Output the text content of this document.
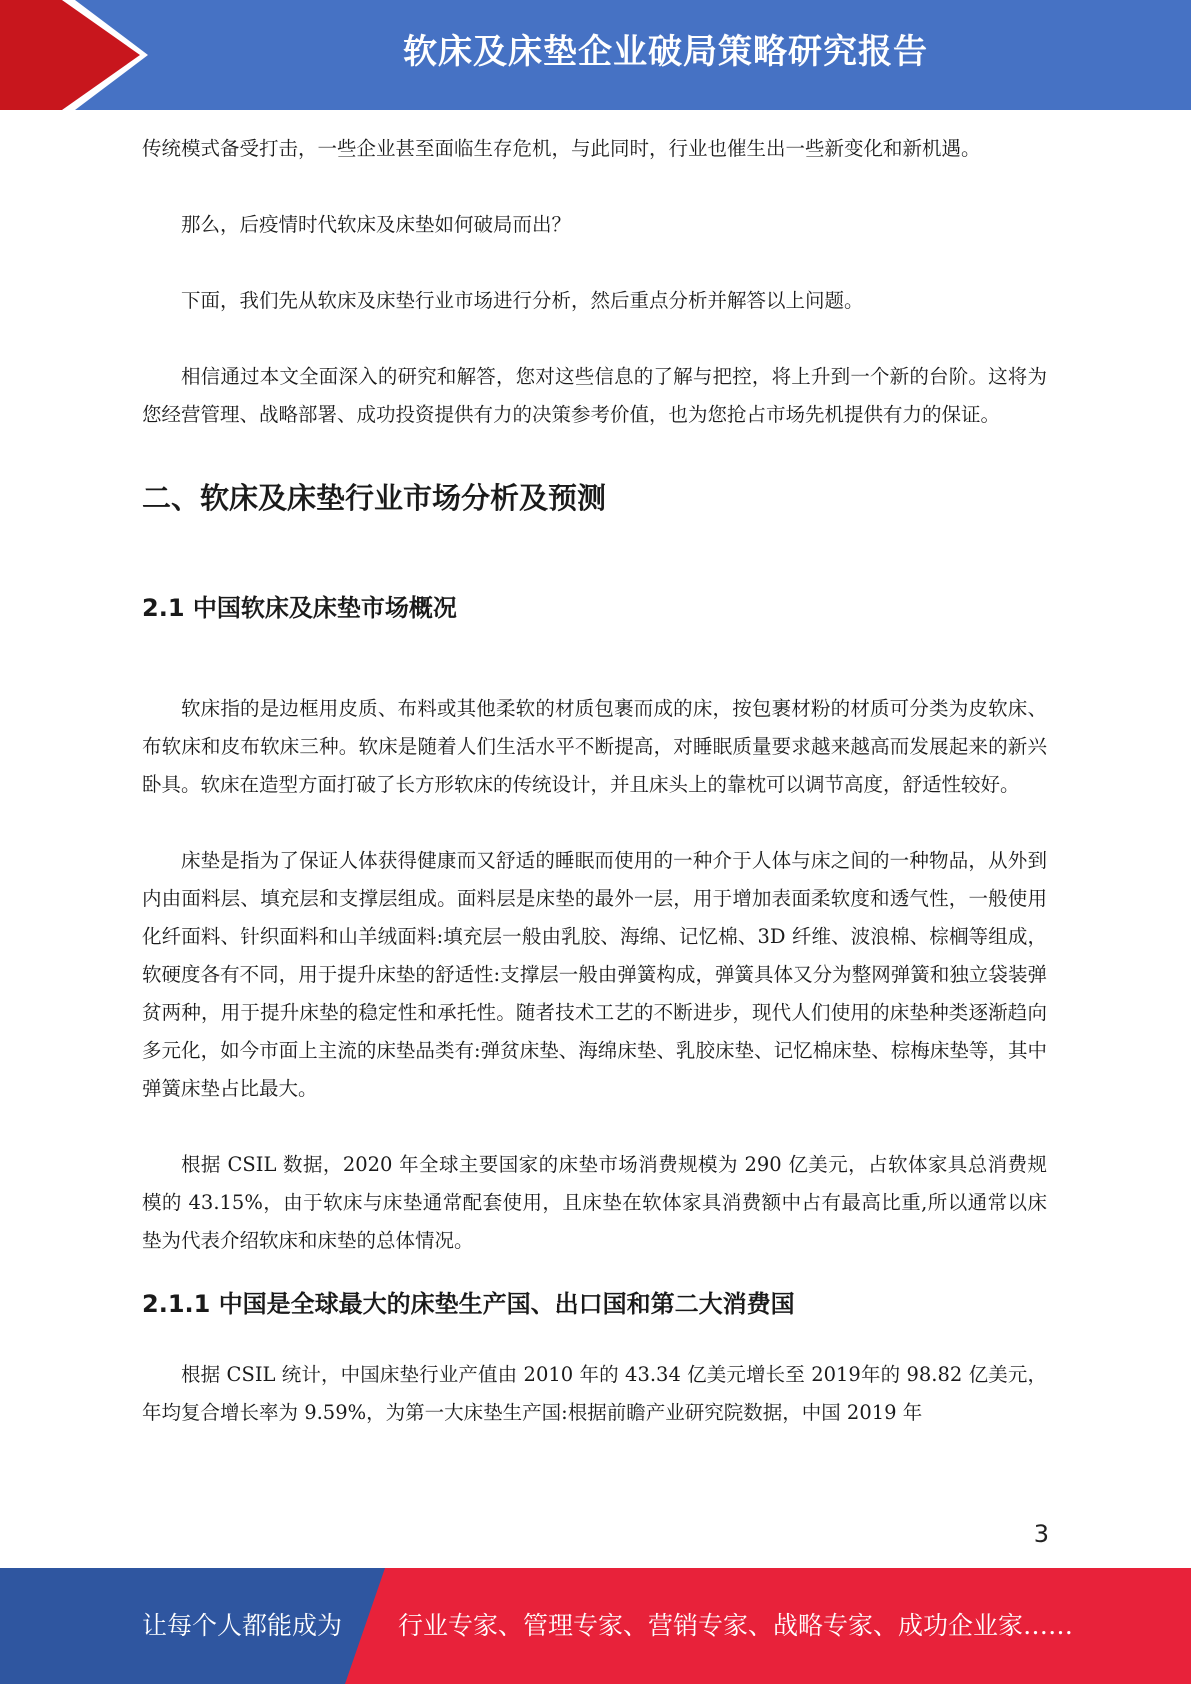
软床及床垫企业破局策略研究报告

传统模式备受打击，一些企业甚至面临生存危机，与此同时，行业也催生出一些新变化和新机遇。

那么，后疫情时代软床及床垫如何破局而出？

下面，我们先从软床及床垫行业市场进行分析，然后重点分析并解答以上问题。

相信通过本文全面深入的研究和解答，您对这些信息的了解与把控，将上升到一个新的台阶。这将为您经营管理、战略部署、成功投资提供有力的决策参考价值，也为您抢占市场先机提供有力的保证。

二、软床及床垫行业市场分析及预测
2.1 中国软床及床垫市场概况

软床指的是边框用皮质、布料或其他柔软的材质包裹而成的床，按包裹材粉的材质可分类为皮软床、布软床和皮布软床三种。软床是随着人们生活水平不断提高，对睡眠质量要求越来越高而发展起来的新兴卧具。软床在造型方面打破了长方形软床的传统设计，并且床头上的靠枕可以调节高度，舒适性较好。

床垫是指为了保证人体获得健康而又舒适的睡眠而使用的一种介于人体与床之间的一种物品，从外到内由面料层、填充层和支撑层组成。面料层是床垫的最外一层，用于增加表面柔软度和透气性，一般使用化纤面料、针织面料和山羊绒面料:填充层一般由乳胶、海绵、记忆棉、3D 纤维、波浪棉、棕榈等组成，软硬度各有不同，用于提升床垫的舒适性:支撑层一般由弹簧构成，弹簧具体又分为整网弹簧和独立袋装弹贫两种，用于提升床垫的稳定性和承托性。随者技术工艺的不断进步，现代人们使用的床垫种类逐渐趋向多元化，如今市面上主流的床垫品类有:弹贫床垫、海绵床垫、乳胶床垫、记忆棉床垫、棕梅床垫等，其中弹簧床垫占比最大。

根据 CSIL 数据，2020 年全球主要国家的床垫市场消费规模为 290 亿美元，占软体家具总消费规模的 43.15%，由于软床与床垫通常配套使用，且床垫在软体家具消费额中占有最高比重,所以通常以床垫为代表介绍软床和床垫的总体情况。

2.1.1 中国是全球最大的床垫生产国、出口国和第二大消费国

根据 CSIL 统计，中国床垫行业产值由 2010 年的 43.34 亿美元增长至 2019年的 98.82 亿美元，年均复合增长率为 9.59%，为第一大床垫生产国:根据前瞻产业研究院数据，中国 2019 年

3
让每个人都能成为 行业专家、管理专家、营销专家、战略专家、成功企业家……
